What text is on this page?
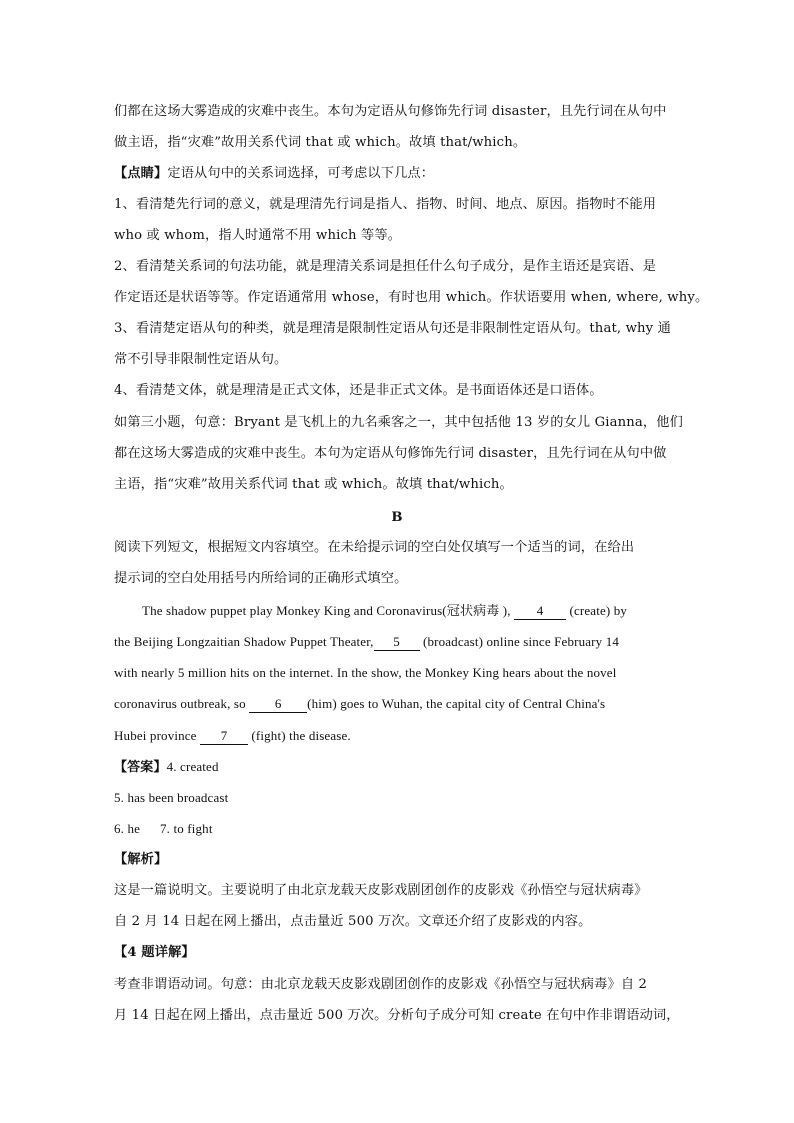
们都在这场大雾造成的灾难中丧生。本句为定语从句修饰先行词 disaster，且先行词在从句中
做主语，指“灾难”故用关系代词 that 或 which。故填 that/which。
【点睛】定语从句中的关系词选择，可考虑以下几点：
1、看清楚先行词的意义，就是理清先行词是指人、指物、时间、地点、原因。指物时不能用
who 或 whom，指人时通常不用 which 等等。
2、看清楚关系词的句法功能，就是理清关系词是担任什么句子成分，是作主语还是宾语、是
作定语还是状语等等。作定语通常用 whose，有时也用 which。作状语要用 when, where, why。
3、看清楚定语从句的种类，就是理清是限制性定语从句还是非限制性定语从句。that, why 通
常不引导非限制性定语从句。
4、看清楚文体，就是理清是正式文体，还是非正式文体。是书面语体还是口语体。
如第三小题，句意：Bryant 是飞机上的九名乘客之一，其中包括他 13 岁的女儿 Gianna，他们
都在这场大雾造成的灾难中丧生。本句为定语从句修饰先行词 disaster，且先行词在从句中做
主语，指“灾难”故用关系代词 that 或 which。故填 that/which。
B
阅读下列短文，根据短文内容填空。在未给提示词的空白处仅填写一个适当的词，在给出
提示词的空白处用括号内所给词的正确形式填空。
The shadow puppet play Monkey King and Coronavirus(冠状病毒 ), 4 (create) by
the Beijing Longzaitian Shadow Puppet Theater, 5 (broadcast) online since February 14
with nearly 5 million hits on the internet. In the show, the Monkey King hears about the novel
coronavirus outbreak, so 6 (him) goes to Wuhan, the capital city of Central China's
Hubei province 7 (fight) the disease.
【答案】4. created
5. has been broadcast
6. he 7. to fight
【解析】
这是一篇说明文。主要说明了由北京龙载天皮影戏剧团创作的皮影戏《孙悟空与冠状病毒》
自 2 月 14 日起在网上播出，点击量近 500 万次。文章还介绍了皮影戏的内容。
【4 题详解】
考查非谓语动词。句意：由北京龙载天皮影戏剧团创作的皮影戏《孙悟空与冠状病毒》自 2
月 14 日起在网上播出，点击量近 500 万次。分析句子成分可知 create 在句中作非谓语动词，
